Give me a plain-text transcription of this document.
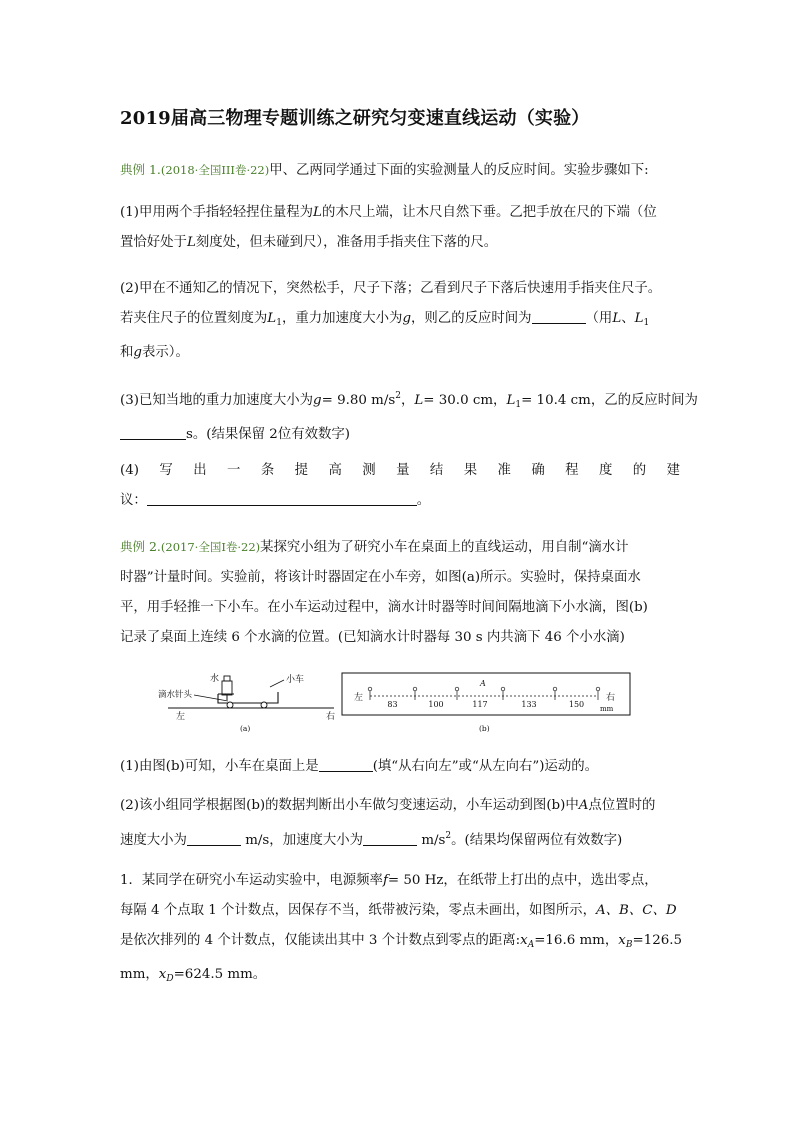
2019届高三物理专题训练之研究匀变速直线运动（实验）
典例 1.(2018·全国III卷·22)甲、乙两同学通过下面的实验测量人的反应时间。实验步骤如下:
(1)甲用两个手指轻轻捏住量程为L的木尺上端，让木尺自然下垂。乙把手放在尺的下端（位
置恰好处于L刻度处，但未碰到尺），准备用手指夹住下落的尺。
(2)甲在不通知乙的情况下，突然松手，尺子下落；乙看到尺子下落后快速用手指夹住尺子。
若夹住尺子的位置刻度为$L_1$，重力加速度大小为g，则乙的反应时间为	（用L、$L_1$
和g表示）。
(3)已知当地的重力加速度大小为g= 9.80 $m/s^2$，L= 30.0 cm，$L_1= 10.4$ cm，乙的反应时间为
s。(结果保留 2位有效数字)
(4) 写 出 一 条 提 高 测 量 结 果 准 确 程 度 的 建
议：	。
典例 2.(2017·全国Ⅰ卷·22)某探究小组为了研究小车在桌面上的直线运动，用自制“滴水计
时器”计量时间。实验前，将该计时器固定在小车旁，如图(a)所示。实验时，保持桌面水
平，用手轻推一下小车。在小车运动过程中，滴水计时器等时间间隔地滴下小水滴，图(b)
记录了桌面上连续 6 个水滴的位置。(已知滴水计时器每 30 s 内共滴下 46 个小水滴)
水
滴水针头
小车
左	右
(a)
左	右
mm
83	100	117	133	150
A
(b)
(1)由图(b)可知，小车在桌面上是	(填“从右向左”或“从左向右”)运动的。
(2)该小组同学根据图(b)的数据判断出小车做匀变速运动，小车运动到图(b)中A点位置时的
速度大小为	m/s，加速度大小为	$m/s^2$。(结果均保留两位有效数字)
1．某同学在研究小车运动实验中，电源频率f= 50 Hz，在纸带上打出的点中，选出零点，
每隔 4 个点取 1 个计数点，因保存不当，纸带被污染，零点未画出，如图所示，A、B、C、D
是依次排列的 4 个计数点，仅能读出其中 3 个计数点到零点的距离$:x_A=16.6$ mm，$x_B=126.5$
mm，$x_D=624.5$ mm。
